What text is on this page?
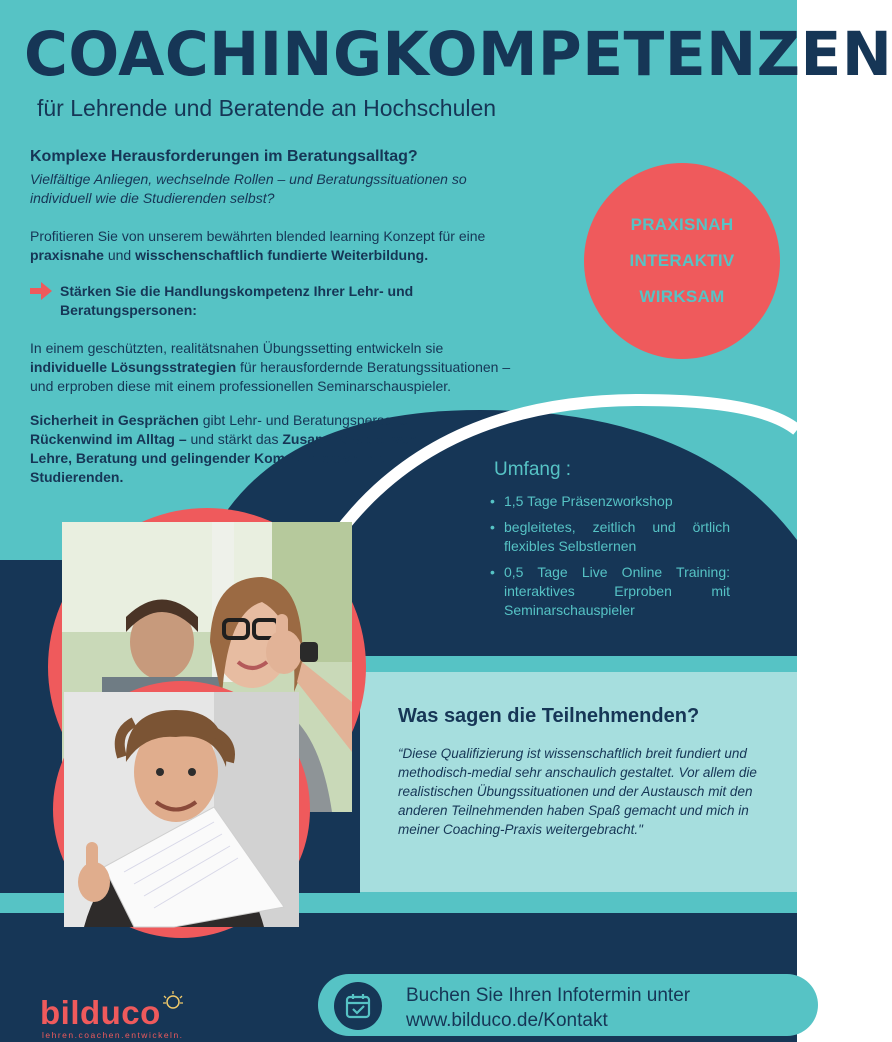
COACHINGKOMPETENZEN
für Lehrende und Beratende an Hochschulen
Komplexe Herausforderungen im Beratungsalltag?
Vielfältige Anliegen, wechselnde Rollen – und Beratungssituationen so individuell wie die Studierenden selbst?
Profitieren Sie von unserem bewährten blended learning Konzept für eine praxisnahe und wisschenschaftlich fundierte Weiterbildung.
Stärken Sie die Handlungskompetenz Ihrer Lehr- und Beratungspersonen:
In einem geschützten, realitätsnahen Übungssetting entwickeln sie individuelle Lösungsstrategien für herausfordernde Beratungssituationen – und erproben diese mit einem professionellen Seminarschauspieler.
Sicherheit in Gesprächen gibt Lehr- und Beratungspersonen Rückenwind im Alltag – und stärkt das Zusammenspiel von Lehre, Beratung und gelingender Kommunikation mit Studierenden.
PRAXISNAH
INTERAKTIV
WIRKSAM
Umfang :
• 1,5 Tage Präsenzworkshop
• begleitetes, zeitlich und örtlich flexibles Selbstlernen
• 0,5 Tage Live Online Training: interaktives Erproben mit Seminarschauspieler
Was sagen die Teilnehmenden?
“Diese Qualifizierung ist wissenschaftlich breit fundiert und methodisch-medial sehr anschaulich gestaltet. Vor allem die realistischen Übungssituationen und der Austausch mit den anderen Teilnehmenden haben Spaß gemacht und mich in meiner Coaching-Praxis weitergebracht."
bilduco
lehren.coachen.entwickeln.
Buchen Sie Ihren Infotermin unter
www.bilduco.de/Kontakt
